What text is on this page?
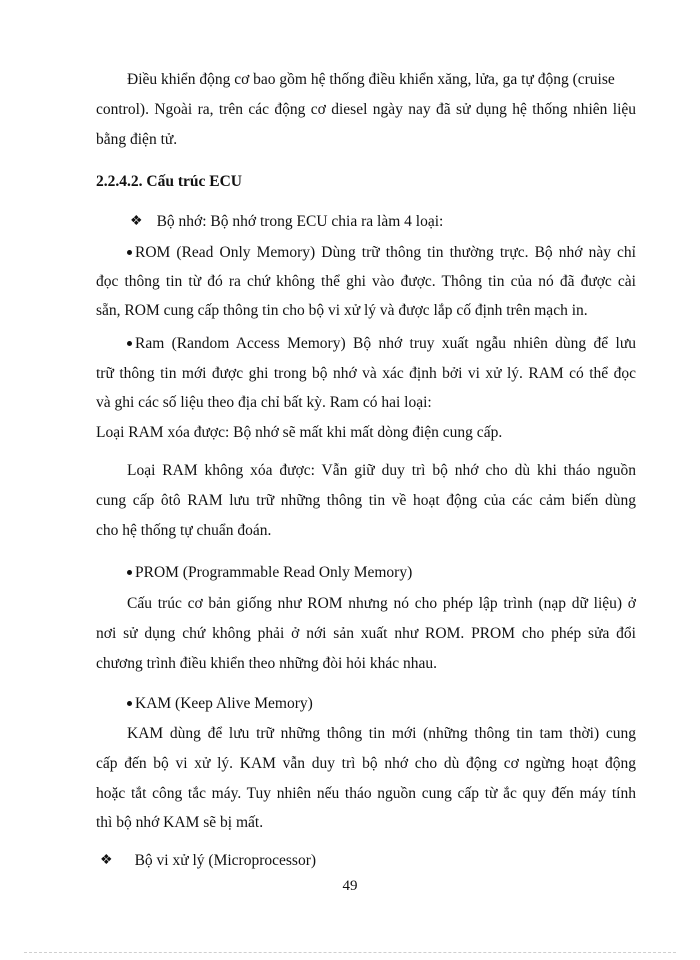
Điều khiển động cơ bao gồm hệ thống điều khiển xăng, lửa, ga tự động (cruise
control). Ngoài ra, trên các động cơ diesel ngày nay đã sử dụng hệ thống nhiên liệu
bằng điện tử.
2.2.4.2. Cấu trúc ECU
❖ Bộ nhớ: Bộ nhớ trong ECU chia ra làm 4 loại:
ROM (Read Only Memory) Dùng trữ thông tin thường trực. Bộ nhớ này chỉ
đọc thông tin từ đó ra chứ không thể ghi vào được. Thông tin của nó đã được cài
sẵn, ROM cung cấp thông tin cho bộ vi xử lý và được lắp cố định trên mạch in.
Ram (Random Access Memory) Bộ nhớ truy xuất ngẫu nhiên dùng để lưu
trữ thông tin mới được ghi trong bộ nhớ và xác định bởi vi xử lý. RAM có thể đọc
và ghi các số liệu theo địa chỉ bất kỳ. Ram có hai loại:
Loại RAM xóa được: Bộ nhớ sẽ mất khi mất dòng điện cung cấp.
Loại RAM không xóa được: Vẫn giữ duy trì bộ nhớ cho dù khi tháo nguồn
cung cấp ôtô RAM lưu trữ những thông tin về hoạt động của các cảm biến dùng
cho hệ thống tự chuẩn đoán.
PROM (Programmable Read Only Memory)
Cấu trúc cơ bản giống như ROM nhưng nó cho phép lập trình (nạp dữ liệu) ở
nơi sử dụng chứ không phải ở nới sản xuất như ROM. PROM cho phép sửa đổi
chương trình điều khiển theo những đòi hỏi khác nhau.
KAM (Keep Alive Memory)
KAM dùng để lưu trữ những thông tin mới (những thông tin tam thời) cung
cấp đến bộ vi xử lý. KAM vẫn duy trì bộ nhớ cho dù động cơ ngừng hoạt động
hoặc tắt công tắc máy. Tuy nhiên nếu tháo nguồn cung cấp từ ắc quy đến máy tính
thì bộ nhớ KAM sẽ bị mất.
❖ Bộ vi xử lý (Microprocessor)
49
